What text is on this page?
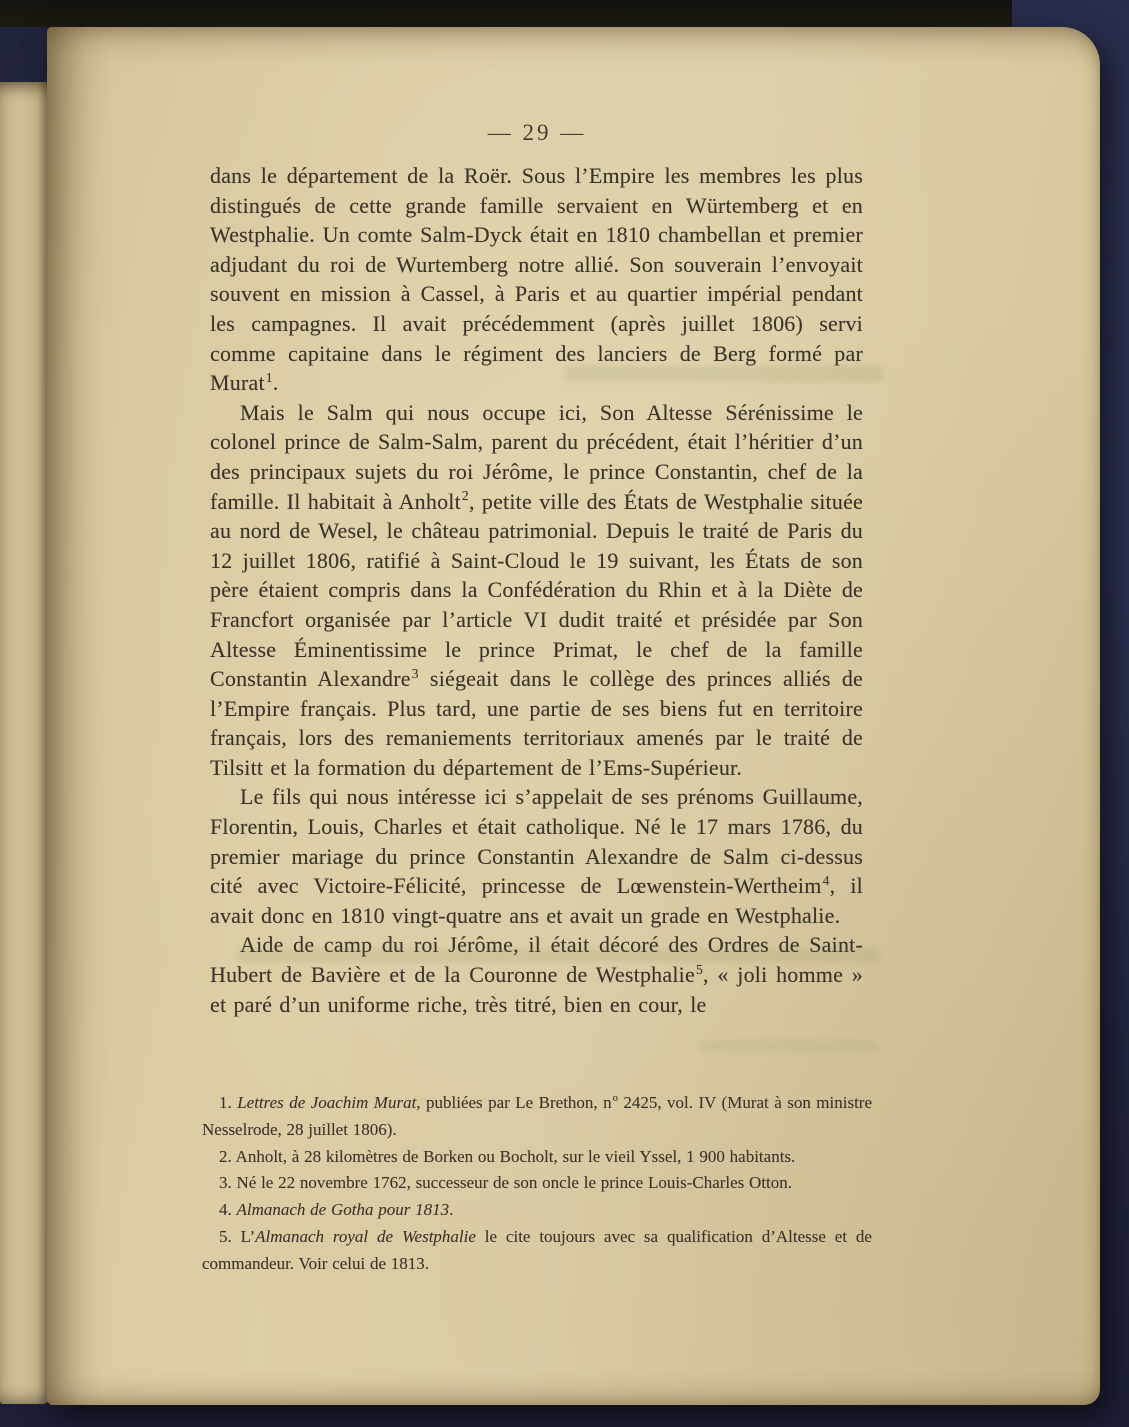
— 29 —

dans le département de la Roër. Sous l’Empire les membres les plus distingués de cette grande famille servaient en Würtemberg et en Westphalie. Un comte Salm-Dyck était en 1810 chambellan et premier adjudant du roi de Wurtemberg notre allié. Son souverain l’envoyait souvent en mission à Cassel, à Paris et au quartier impérial pendant les campagnes. Il avait précédemment (après juillet 1806) servi comme capitaine dans le régiment des lanciers de Berg formé par Murat$^1$.

Mais le Salm qui nous occupe ici, Son Altesse Sérénissime le colonel prince de Salm-Salm, parent du précédent, était l’héritier d’un des principaux sujets du roi Jérôme, le prince Constantin, chef de la famille. Il habitait à Anholt$^2$, petite ville des États de Westphalie située au nord de Wesel, le château patrimonial. Depuis le traité de Paris du 12 juillet 1806, ratifié à Saint-Cloud le 19 suivant, les États de son père étaient compris dans la Confédération du Rhin et à la Diète de Francfort organisée par l’article VI dudit traité et présidée par Son Altesse Éminentissime le prince Primat, le chef de la famille Constantin Alexandre$^3$ siégeait dans le collège des princes alliés de l’Empire français. Plus tard, une partie de ses biens fut en territoire français, lors des remaniements territoriaux amenés par le traité de Tilsitt et la formation du département de l’Ems-Supérieur.

Le fils qui nous intéresse ici s’appelait de ses prénoms Guillaume, Florentin, Louis, Charles et était catholique. Né le 17 mars 1786, du premier mariage du prince Constantin Alexandre de Salm ci-dessus cité avec Victoire-Félicité, princesse de Lœwenstein-Wertheim$^4$, il avait donc en 1810 vingt-quatre ans et avait un grade en Westphalie.

Aide de camp du roi Jérôme, il était décoré des Ordres de Saint-Hubert de Bavière et de la Couronne de Westphalie$^5$, « joli homme » et paré d’un uniforme riche, très titré, bien en cour, le

1. Lettres de Joachim Murat, publiées par Le Brethon, $n^o$ 2425, vol. IV (Murat à son ministre Nesselrode, 28 juillet 1806).

2. Anholt, à 28 kilomètres de Borken ou Bocholt, sur le vieil Yssel, 1 900 habitants.

3. Né le 22 novembre 1762, successeur de son oncle le prince Louis-Charles Otton.

4. Almanach de Gotha pour 1813.

5. L’Almanach royal de Westphalie le cite toujours avec sa qualification d’Altesse et de commandeur. Voir celui de 1813.
